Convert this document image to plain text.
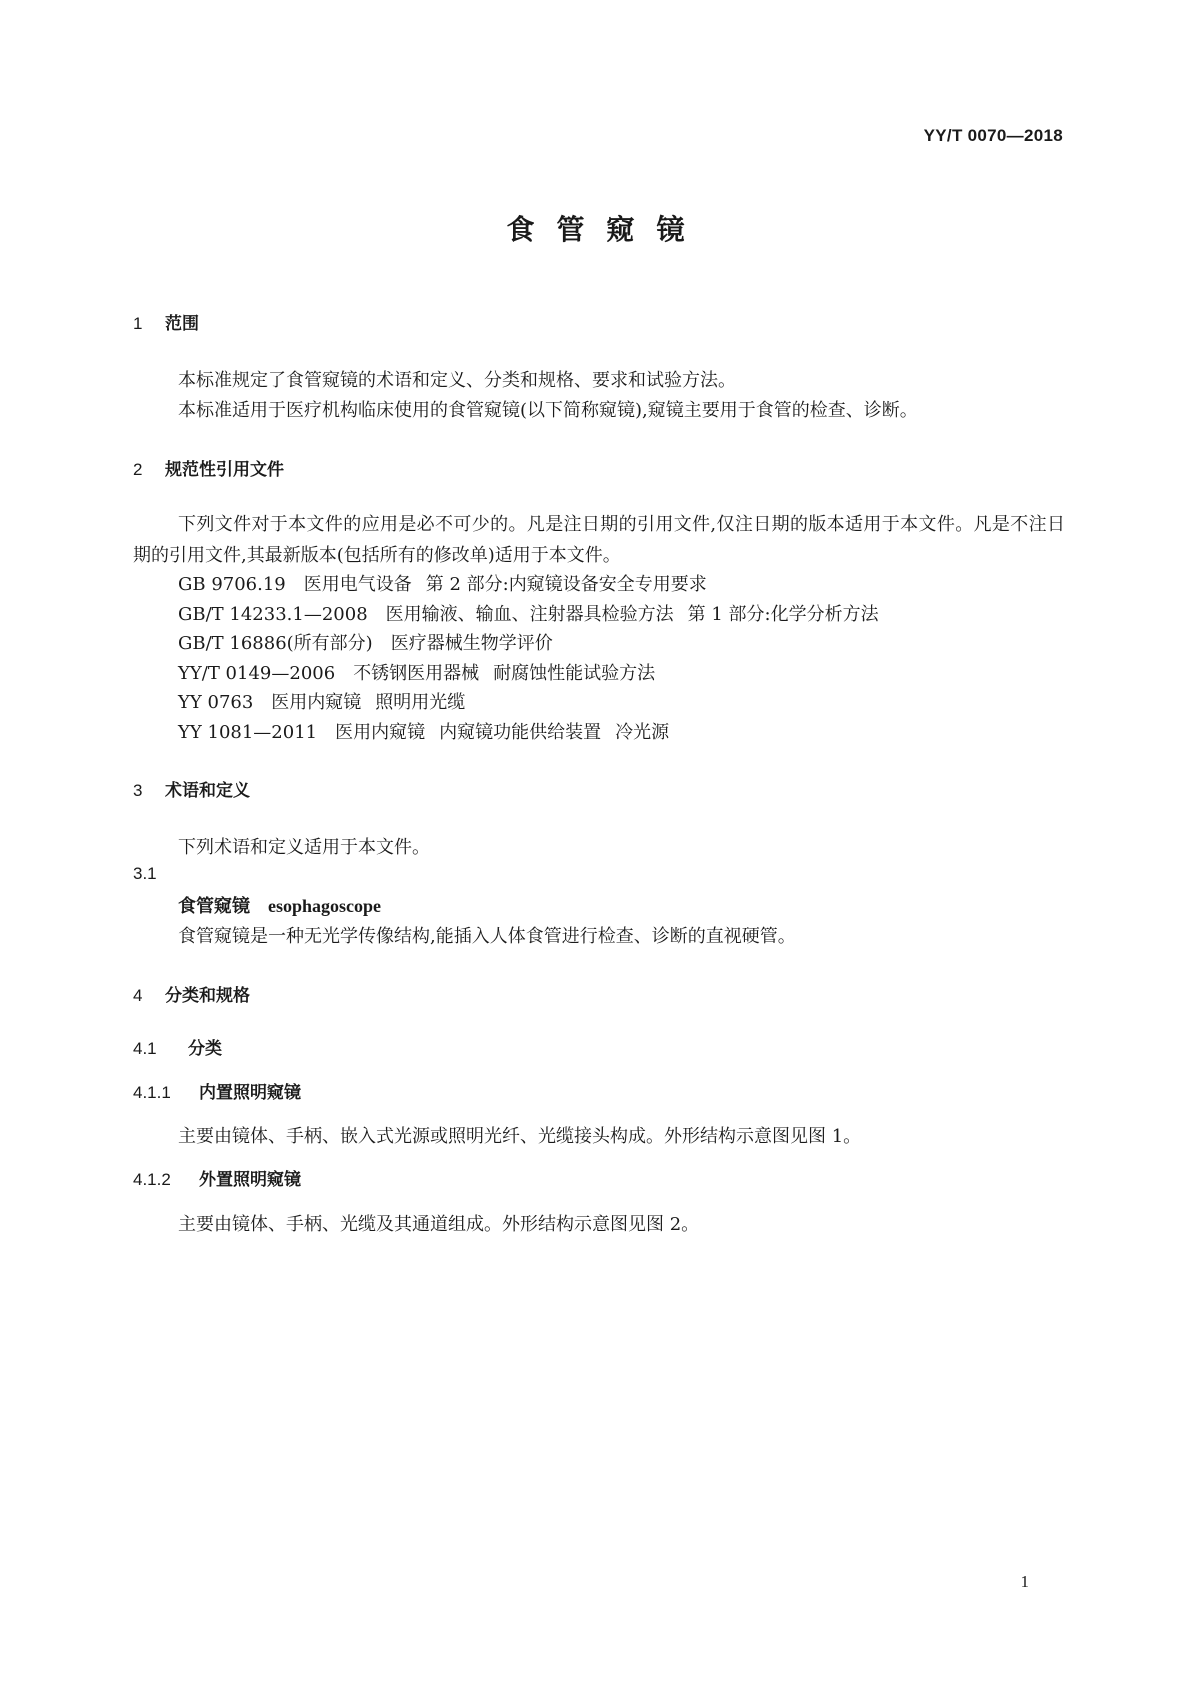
YY/T 0070—2018
食管窥镜
1 范围
本标准规定了食管窥镜的术语和定义、分类和规格、要求和试验方法。
本标准适用于医疗机构临床使用的食管窥镜(以下简称窥镜),窥镜主要用于食管的检查、诊断。
2 规范性引用文件
下列文件对于本文件的应用是必不可少的。凡是注日期的引用文件,仅注日期的版本适用于本文件。凡是不注日期的引用文件,其最新版本(包括所有的修改单)适用于本文件。
GB 9706.19 医用电气设备 第 2 部分:内窥镜设备安全专用要求
GB/T 14233.1—2008 医用输液、输血、注射器具检验方法 第 1 部分:化学分析方法
GB/T 16886(所有部分) 医疗器械生物学评价
YY/T 0149—2006 不锈钢医用器械 耐腐蚀性能试验方法
YY 0763 医用内窥镜 照明用光缆
YY 1081—2011 医用内窥镜 内窥镜功能供给装置 冷光源
3 术语和定义
下列术语和定义适用于本文件。
3.1
食管窥镜 esophagoscope
食管窥镜是一种无光学传像结构,能插入人体食管进行检查、诊断的直视硬管。
4 分类和规格
4.1 分类
4.1.1 内置照明窥镜
主要由镜体、手柄、嵌入式光源或照明光纤、光缆接头构成。外形结构示意图见图 1。
4.1.2 外置照明窥镜
主要由镜体、手柄、光缆及其通道组成。外形结构示意图见图 2。
1
